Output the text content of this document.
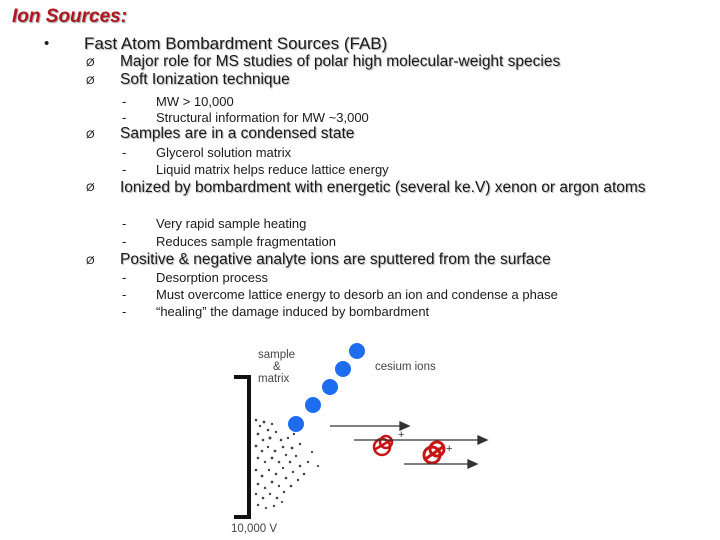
Ion Sources:
• Fast Atom Bombardment Sources (FAB)
Ø Major role for MS studies of polar high molecular-weight species
Ø Soft Ionization technique
- MW > 10,000
- Structural information for MW ~3,000
Ø Samples are in a condensed state
- Glycerol solution matrix
- Liquid matrix helps reduce lattice energy
Ø Ionized by bombardment with energetic (several ke.V) xenon or argon atoms
- Very rapid sample heating
- Reduces sample fragmentation
Ø Positive & negative analyte ions are sputtered from the surface
- Desorption process
- Must overcome lattice energy to desorb an ion and condense a phase
- “healing” the damage induced by bombardment
+
+
sample
&
matrix
cesium ions
10,000 V
